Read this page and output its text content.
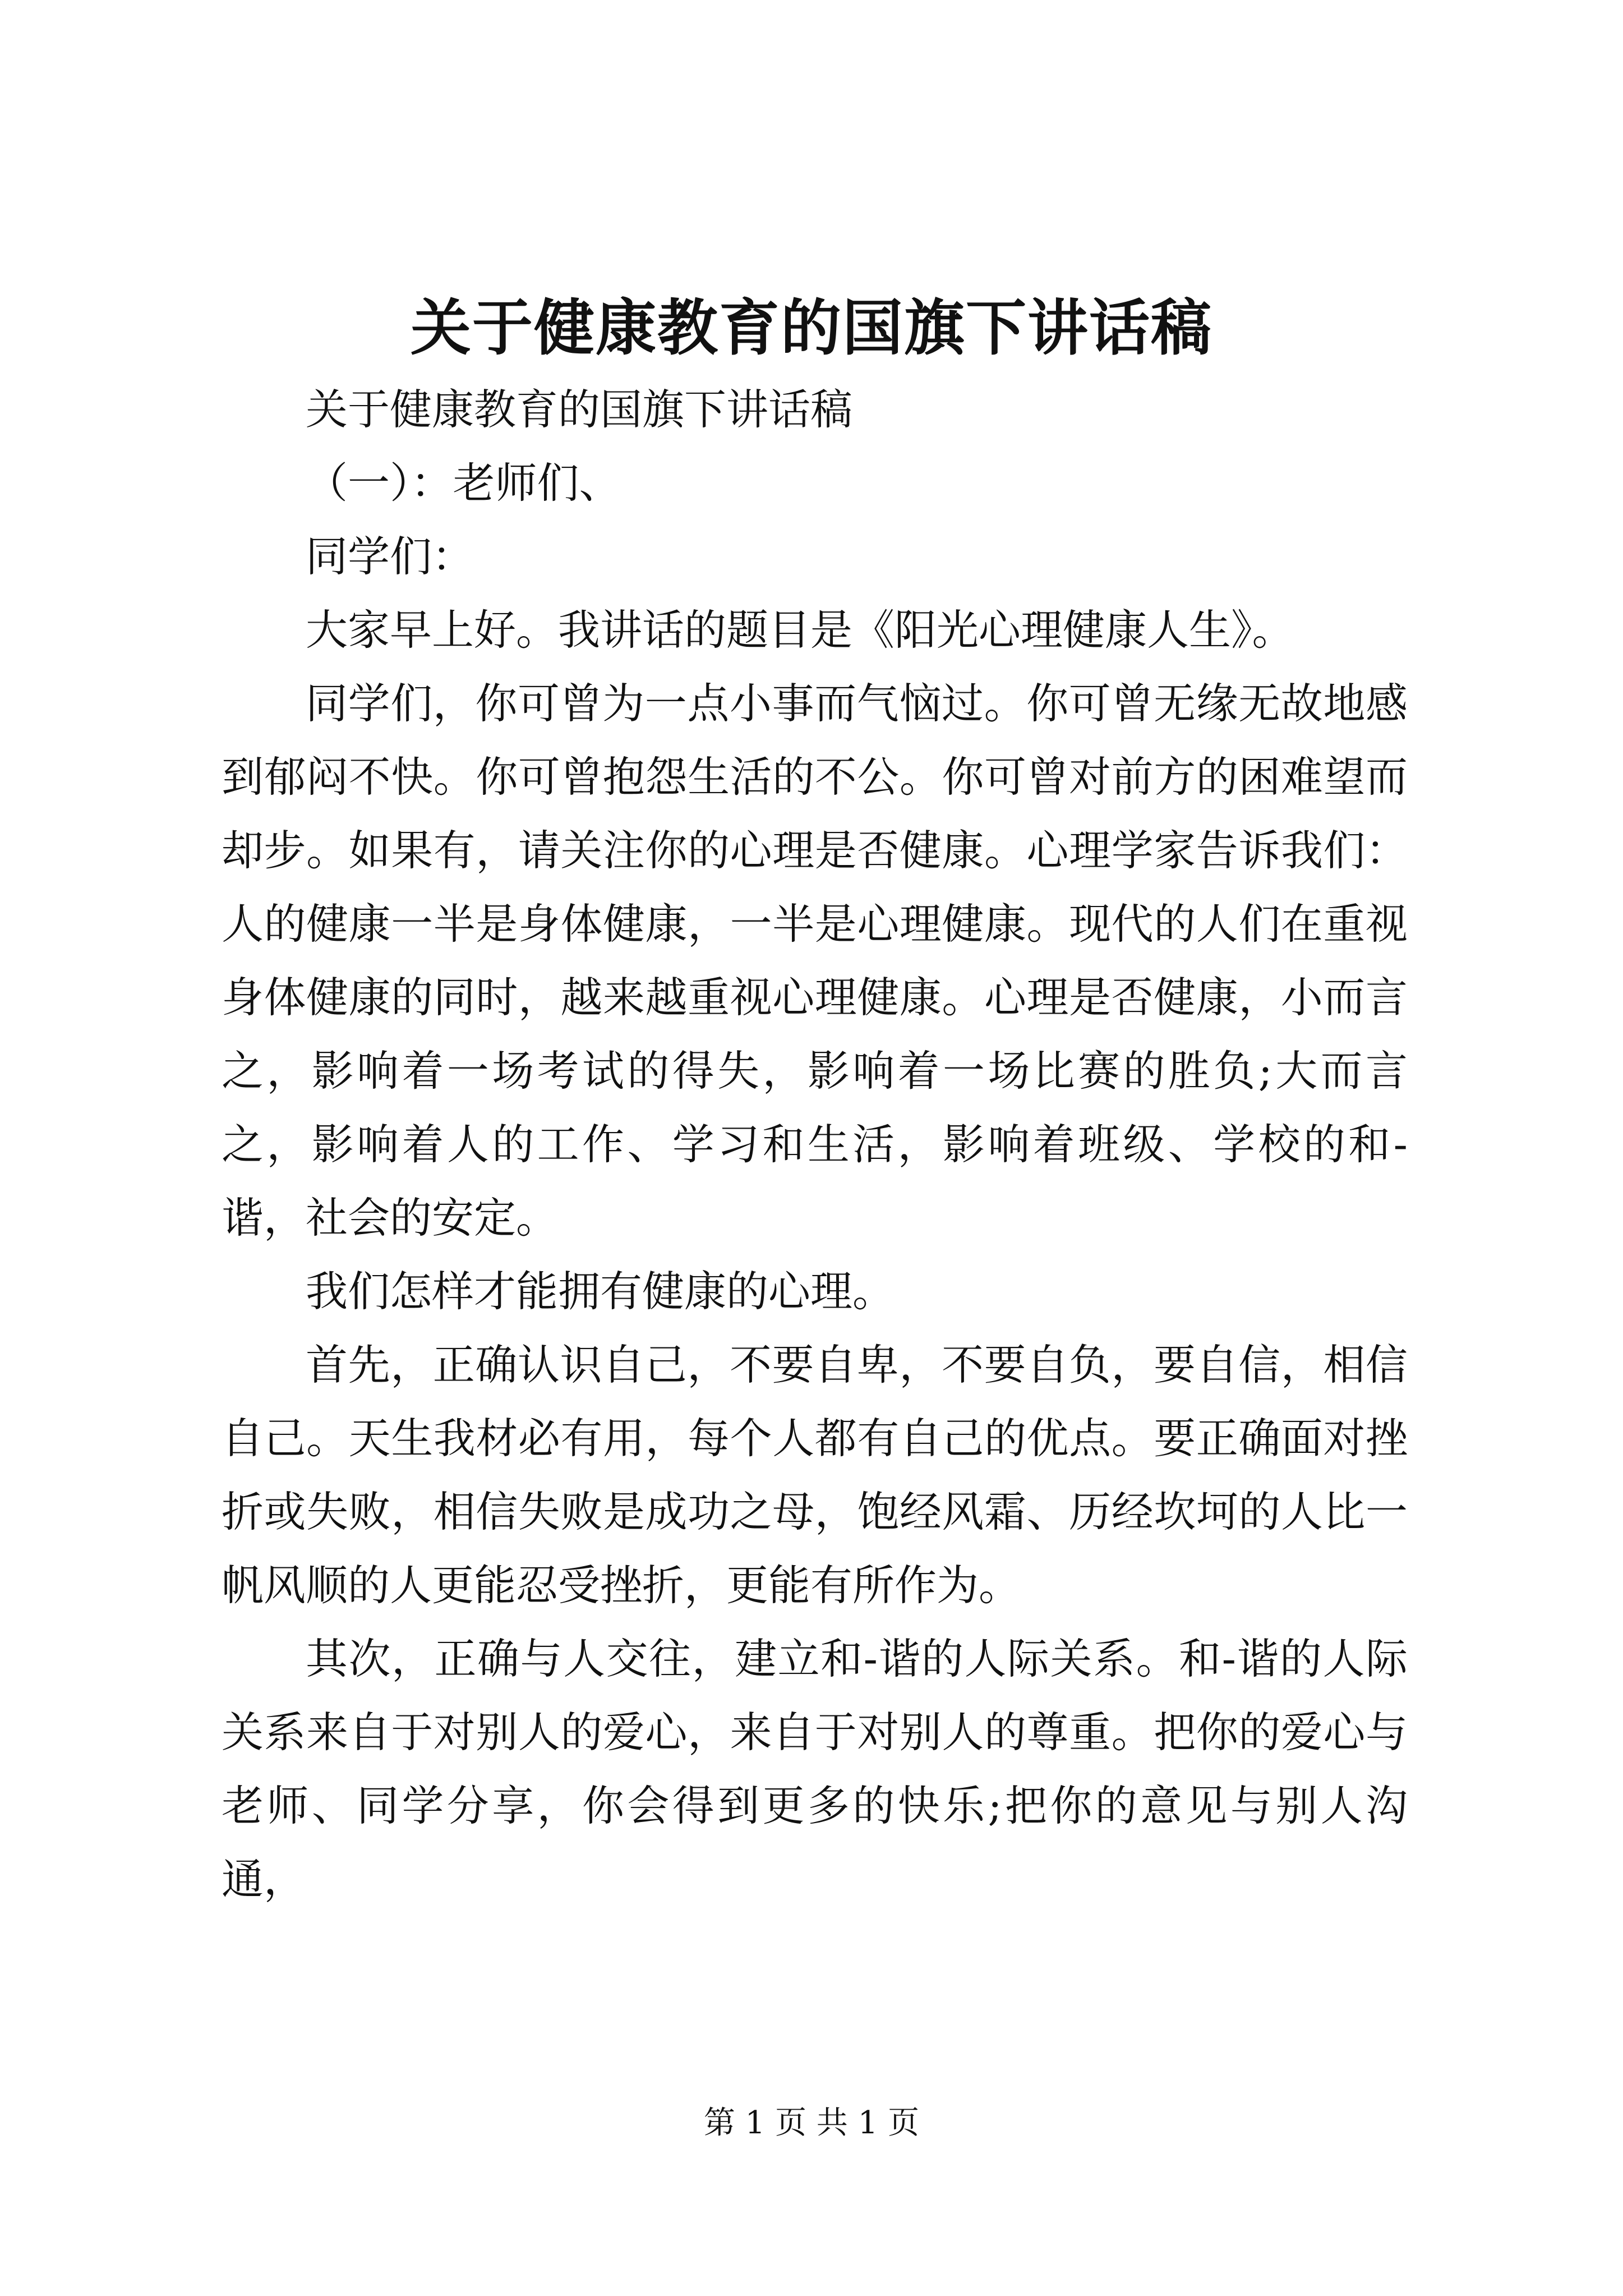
关于健康教育的国旗下讲话稿

关于健康教育的国旗下讲话稿

（一）：老师们、

同学们：

大家早上好。我讲话的题目是《阳光心理健康人生》。

同学们，你可曾为一点小事而气恼过。你可曾无缘无故地感到郁闷不快。你可曾抱怨生活的不公。你可曾对前方的困难望而却步。如果有，请关注你的心理是否健康。心理学家告诉我们：人的健康一半是身体健康，一半是心理健康。现代的人们在重视身体健康的同时，越来越重视心理健康。心理是否健康，小而言之，影响着一场考试的得失，影响着一场比赛的胜负;大而言之，影响着人的工作、学习和生活，影响着班级、学校的和-谐，社会的安定。

我们怎样才能拥有健康的心理。

首先，正确认识自己，不要自卑，不要自负，要自信，相信自己。天生我材必有用，每个人都有自己的优点。要正确面对挫折或失败，相信失败是成功之母，饱经风霜、历经坎坷的人比一帆风顺的人更能忍受挫折，更能有所作为。

其次，正确与人交往，建立和-谐的人际关系。和-谐的人际关系来自于对别人的爱心，来自于对别人的尊重。把你的爱心与老师、同学分享，你会得到更多的快乐;把你的意见与别人沟通，

第 1 页 共 1 页
